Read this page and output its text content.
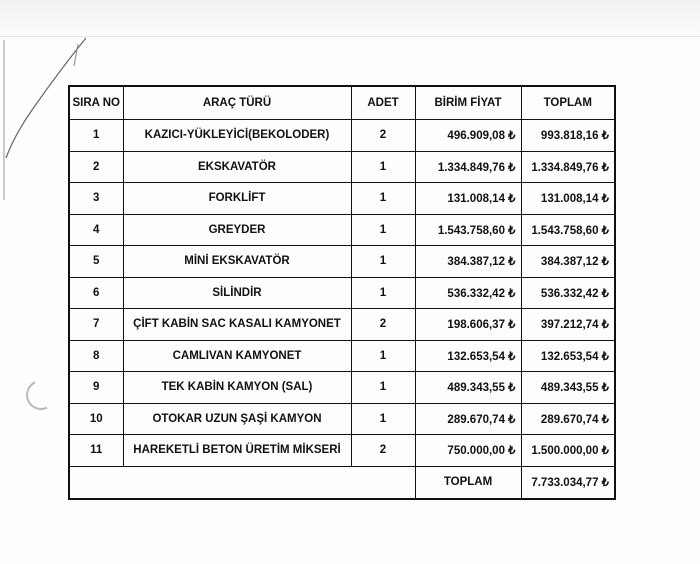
SIRA NO	ARAÇ TÜRÜ	ADET	BİRİM FİYAT	TOPLAM
1	KAZICI-YÜKLEYİCİ(BEKOLODER)	2	496.909,08 ₺	993.818,16 ₺
2	EKSKAVATÖR	1	1.334.849,76 ₺	1.334.849,76 ₺
3	FORKLİFT	1	131.008,14 ₺	131.008,14 ₺
4	GREYDER	1	1.543.758,60 ₺	1.543.758,60 ₺
5	MİNİ EKSKAVATÖR	1	384.387,12 ₺	384.387,12 ₺
6	SİLİNDİR	1	536.332,42 ₺	536.332,42 ₺
7	ÇİFT KABİN SAC KASALI KAMYONET	2	198.606,37 ₺	397.212,74 ₺
8	CAMLIVAN KAMYONET	1	132.653,54 ₺	132.653,54 ₺
9	TEK KABİN KAMYON (SAL)	1	489.343,55 ₺	489.343,55 ₺
10	OTOKAR UZUN ŞAŞİ KAMYON	1	289.670,74 ₺	289.670,74 ₺
11	HAREKETLİ BETON ÜRETİM MİKSERİ	2	750.000,00 ₺	1.500.000,00 ₺
			TOPLAM	7.733.034,77 ₺
